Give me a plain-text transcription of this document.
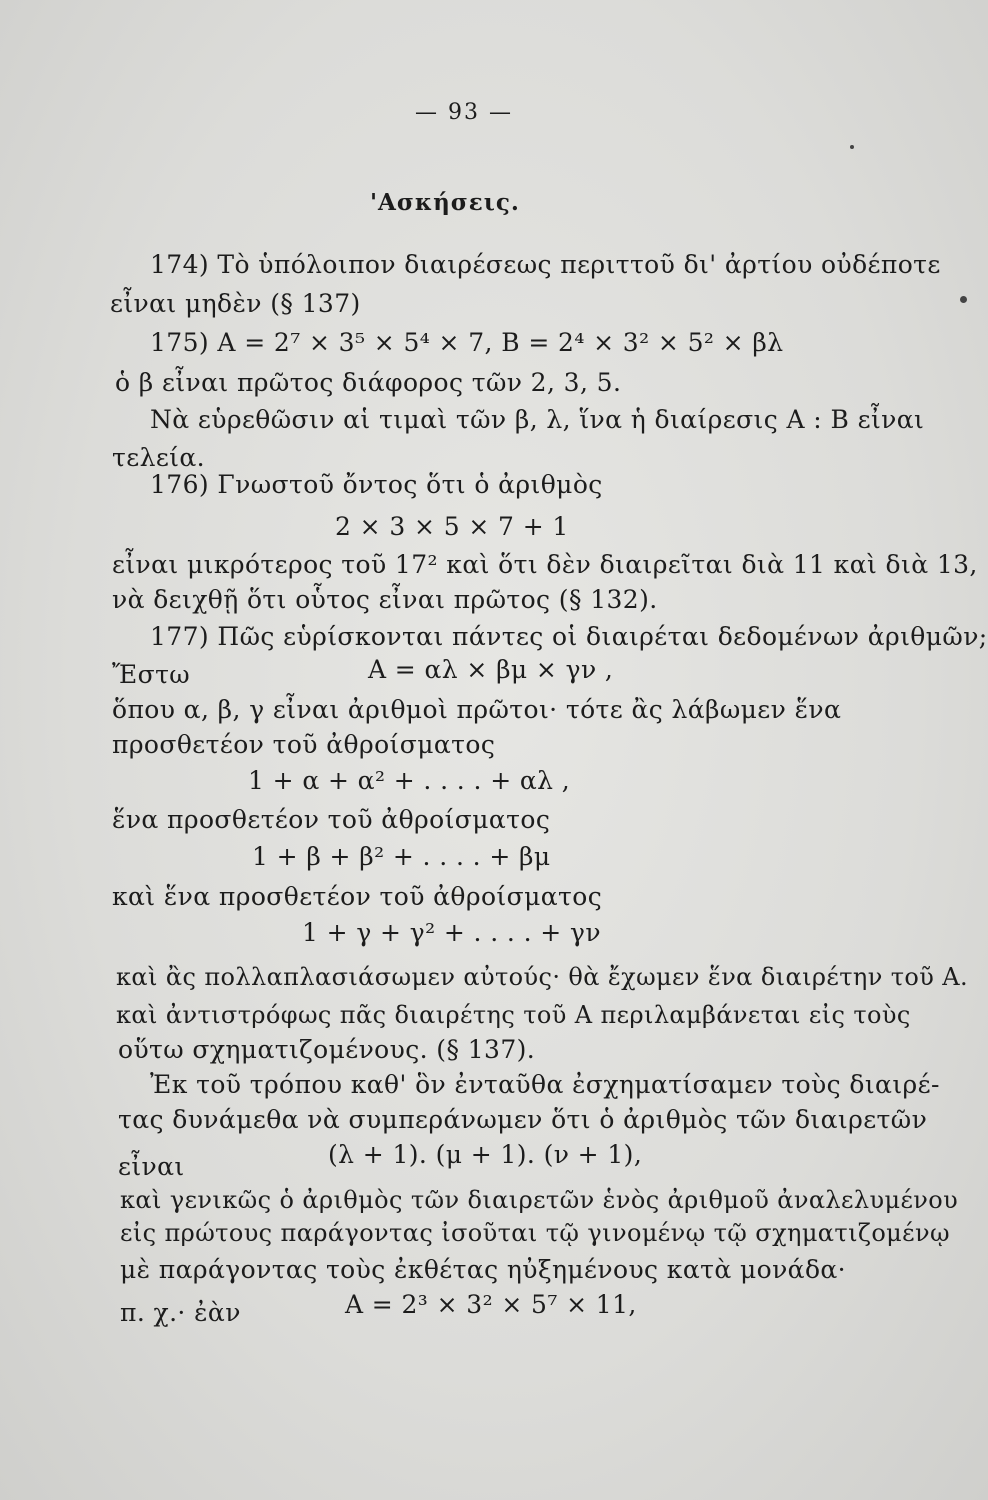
— 93 —
'Ασκήσεις.
174) Τὸ ὑπόλοιπον διαιρέσεως περιττοῦ δι' ἀρτίου οὐδέποτε
εἶναι μηδὲν (§ 137)
175) A = 2⁷ × 3⁵ × 5⁴ × 7, B = 2⁴ × 3² × 5² × βλ
ὁ β εἶναι πρῶτος διάφορος τῶν 2, 3, 5.
Νὰ εὑρεθῶσιν αἱ τιμαὶ τῶν β, λ, ἵνα ἡ διαίρεσις A : B εἶναι
τελεία.
176) Γνωστοῦ ὄντος ὅτι ὁ ἀριθμὸς
2 × 3 × 5 × 7 + 1
εἶναι μικρότερος τοῦ 17² καὶ ὅτι δὲν διαιρεῖται διὰ 11 καὶ διὰ 13,
νὰ δειχθῇ ὅτι οὗτος εἶναι πρῶτος (§ 132).
177) Πῶς εὑρίσκονται πάντες οἱ διαιρέται δεδομένων ἀριθμῶν;
Ἔστω	A = αλ × βμ × γν ,
ὅπου α, β, γ εἶναι ἀριθμοὶ πρῶτοι· τότε ἂς λάβωμεν ἕνα
προσθετέον τοῦ ἀθροίσματος
1 + α + α² + . . . . + αλ ,
ἕνα προσθετέον τοῦ ἀθροίσματος
1 + β + β² + . . . . + βμ
καὶ ἕνα προσθετέον τοῦ ἀθροίσματος
1 + γ + γ² + . . . . + γν
καὶ ἂς πολλαπλασιάσωμεν αὐτούς· θὰ ἔχωμεν ἕνα διαιρέτην τοῦ A.
καὶ ἀντιστρόφως πᾶς διαιρέτης τοῦ A περιλαμβάνεται εἰς τοὺς
οὕτω σχηματιζομένους. (§ 137).
Ἐκ τοῦ τρόπου καθ' ὃν ἐνταῦθα ἐσχηματίσαμεν τοὺς διαιρέ-
τας δυνάμεθα νὰ συμπεράνωμεν ὅτι ὁ ἀριθμὸς τῶν διαιρετῶν
(λ + 1). (μ + 1). (ν + 1),
εἶναι
καὶ γενικῶς ὁ ἀριθμὸς τῶν διαιρετῶν ἑνὸς ἀριθμοῦ ἀναλελυμένου
εἰς πρώτους παράγοντας ἰσοῦται τῷ γινομένῳ τῷ σχηματιζομένῳ
μὲ παράγοντας τοὺς ἐκθέτας ηὐξημένους κατὰ μονάδα·
π. χ.· ἐὰν	A = 2³ × 3² × 5⁷ × 11,
